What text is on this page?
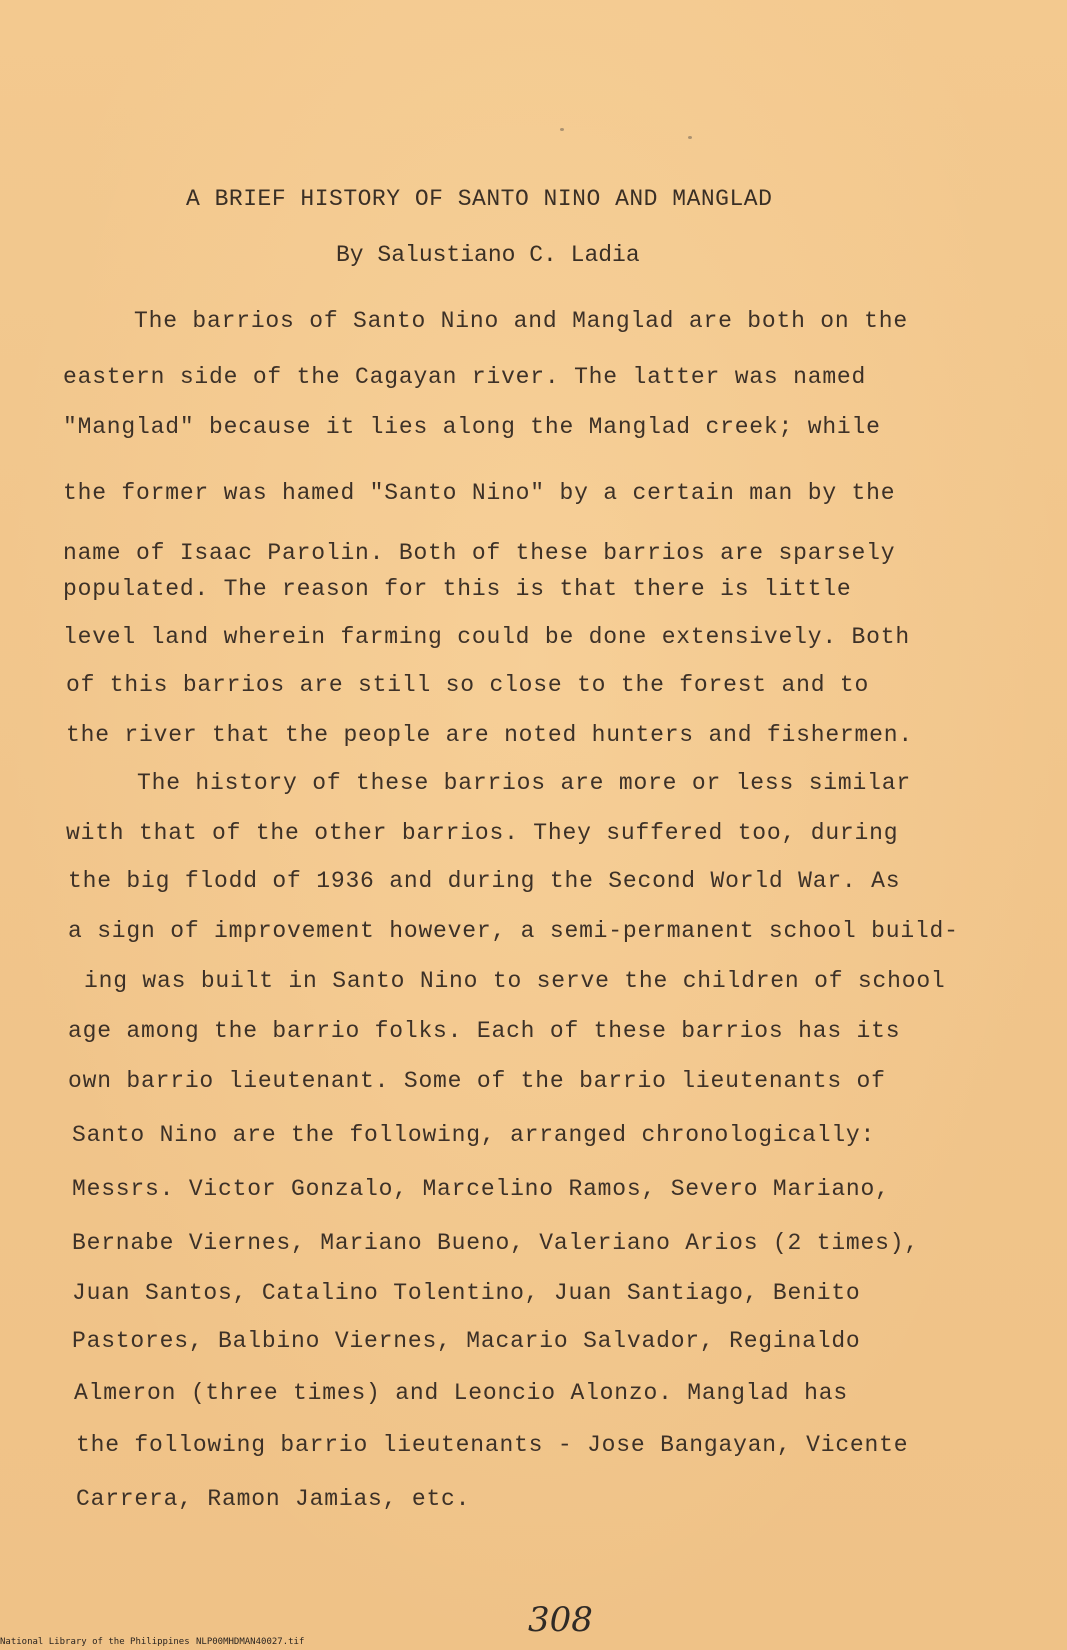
A BRIEF HISTORY OF SANTO NINO AND MANGLAD
By Salustiano C. Ladia
The barrios of Santo Nino and Manglad are both on the
eastern side of the Cagayan river. The latter was named
"Manglad" because it lies along the Manglad creek; while
the former was hamed "Santo Nino" by a certain man by the
name of Isaac Parolin. Both of these barrios are sparsely
populated. The reason for this is that there is little
level land wherein farming could be done extensively. Both
of this barrios are still so close to the forest and to
the river that the people are noted hunters and fishermen.
The history of these barrios are more or less similar
with that of the other barrios. They suffered too, during
the big flodd of 1936 and during the Second World War. As
a sign of improvement however, a semi-permanent school build-
ing was built in Santo Nino to serve the children of school
age among the barrio folks. Each of these barrios has its
own barrio lieutenant. Some of the barrio lieutenants of
Santo Nino are the following, arranged chronologically:
Messrs. Victor Gonzalo, Marcelino Ramos, Severo Mariano,
Bernabe Viernes, Mariano Bueno, Valeriano Arios (2 times),
Juan Santos, Catalino Tolentino, Juan Santiago, Benito
Pastores, Balbino Viernes, Macario Salvador, Reginaldo
Almeron (three times) and Leoncio Alonzo. Manglad has
the following barrio lieutenants - Jose Bangayan, Vicente
Carrera, Ramon Jamias, etc.
308
National Library of the Philippines NLP00MHDMAN40027.tif
